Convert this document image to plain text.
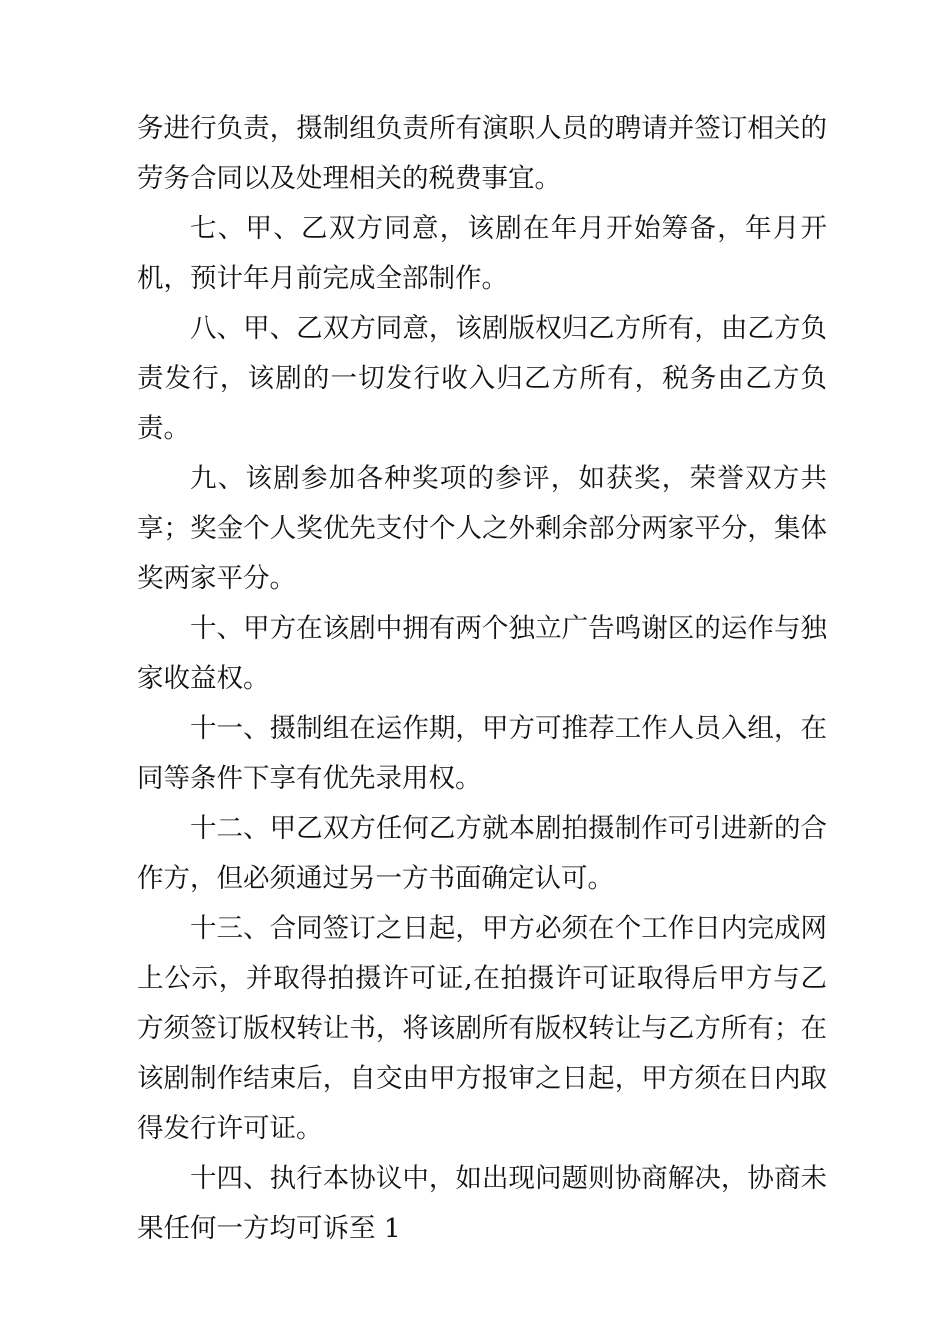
务进行负责，摄制组负责所有演职人员的聘请并签订相关的劳务合同以及处理相关的税费事宜。

七、甲、乙双方同意，该剧在年月开始筹备，年月开机，预计年月前完成全部制作。

八、甲、乙双方同意，该剧版权归乙方所有，由乙方负责发行，该剧的一切发行收入归乙方所有，税务由乙方负责。

九、该剧参加各种奖项的参评，如获奖，荣誉双方共享；奖金个人奖优先支付个人之外剩余部分两家平分，集体奖两家平分。

十、甲方在该剧中拥有两个独立广告鸣谢区的运作与独家收益权。

十一、摄制组在运作期，甲方可推荐工作人员入组，在同等条件下享有优先录用权。

十二、甲乙双方任何乙方就本剧拍摄制作可引进新的合作方，但必须通过另一方书面确定认可。

十三、合同签订之日起，甲方必须在个工作日内完成网上公示，并取得拍摄许可证,在拍摄许可证取得后甲方与乙方须签订版权转让书，将该剧所有版权转让与乙方所有；在该剧制作结束后，自交由甲方报审之日起，甲方须在日内取得发行许可证。

十四、执行本协议中，如出现问题则协商解决，协商未果任何一方均可诉至 1
